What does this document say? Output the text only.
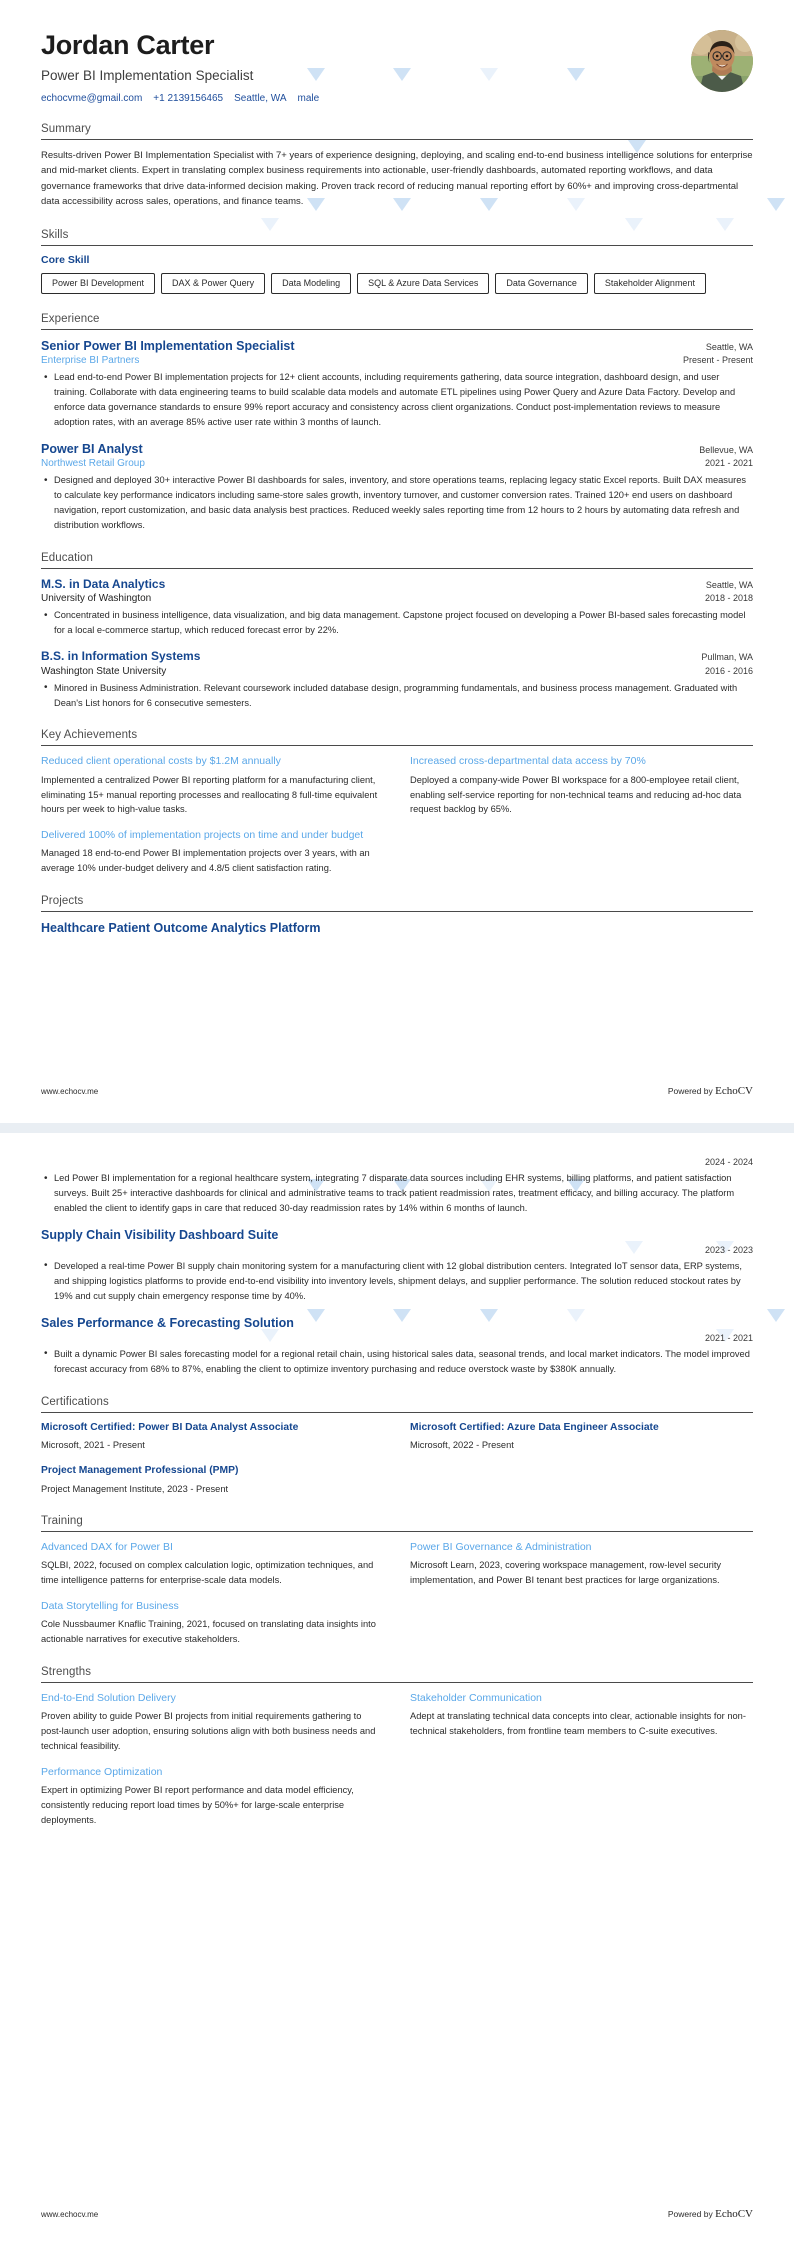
Jordan Carter
Power BI Implementation Specialist
echocvme@gmail.com +1 2139156465 Seattle, WA male
Summary
Results-driven Power BI Implementation Specialist with 7+ years of experience designing, deploying, and scaling end-to-end business intelligence solutions for enterprise and mid-market clients. Expert in translating complex business requirements into actionable, user-friendly dashboards, automated reporting workflows, and data governance frameworks that drive data-informed decision making. Proven track record of reducing manual reporting effort by 60%+ and improving cross-departmental data accessibility across sales, operations, and finance teams.
Skills
Core Skill
Power BI Development	DAX & Power Query	Data Modeling	SQL & Azure Data Services	Data Governance	Stakeholder Alignment
Experience
Senior Power BI Implementation Specialist	Seattle, WA
Enterprise BI Partners	Present - Present
• Lead end-to-end Power BI implementation projects for 12+ client accounts, including requirements gathering, data source integration, dashboard design, and user training. Collaborate with data engineering teams to build scalable data models and automate ETL pipelines using Power Query and Azure Data Factory. Develop and enforce data governance standards to ensure 99% report accuracy and consistency across client organizations. Conduct post-implementation reviews to measure adoption rates, with an average 85% active user rate within 3 months of launch.
Power BI Analyst	Bellevue, WA
Northwest Retail Group	2021 - 2021
• Designed and deployed 30+ interactive Power BI dashboards for sales, inventory, and store operations teams, replacing legacy static Excel reports. Built DAX measures to calculate key performance indicators including same-store sales growth, inventory turnover, and customer conversion rates. Trained 120+ end users on dashboard navigation, report customization, and basic data analysis best practices. Reduced weekly sales reporting time from 12 hours to 2 hours by automating data refresh and distribution workflows.
Education
M.S. in Data Analytics	Seattle, WA
University of Washington	2018 - 2018
• Concentrated in business intelligence, data visualization, and big data management. Capstone project focused on developing a Power BI-based sales forecasting model for a local e-commerce startup, which reduced forecast error by 22%.
B.S. in Information Systems	Pullman, WA
Washington State University	2016 - 2016
• Minored in Business Administration. Relevant coursework included database design, programming fundamentals, and business process management. Graduated with Dean's List honors for 6 consecutive semesters.
Key Achievements
Reduced client operational costs by $1.2M annually
Implemented a centralized Power BI reporting platform for a manufacturing client, eliminating 15+ manual reporting processes and reallocating 8 full-time equivalent hours per week to high-value tasks.
Delivered 100% of implementation projects on time and under budget
Managed 18 end-to-end Power BI implementation projects over 3 years, with an average 10% under-budget delivery and 4.8/5 client satisfaction rating.
Increased cross-departmental data access by 70%
Deployed a company-wide Power BI workspace for a 800-employee retail client, enabling self-service reporting for non-technical teams and reducing ad-hoc data request backlog by 65%.
Projects
Healthcare Patient Outcome Analytics Platform
www.echocv.me	Powered by EchoCV
2024 - 2024
• Led Power BI implementation for a regional healthcare system, integrating 7 disparate data sources including EHR systems, billing platforms, and patient satisfaction surveys. Built 25+ interactive dashboards for clinical and administrative teams to track patient readmission rates, treatment efficacy, and billing accuracy. The platform enabled the client to identify gaps in care that reduced 30-day readmission rates by 14% within 6 months of launch.
Supply Chain Visibility Dashboard Suite
2023 - 2023
• Developed a real-time Power BI supply chain monitoring system for a manufacturing client with 12 global distribution centers. Integrated IoT sensor data, ERP systems, and shipping logistics platforms to provide end-to-end visibility into inventory levels, shipment delays, and supplier performance. The solution reduced stockout rates by 19% and cut supply chain emergency response time by 40%.
Sales Performance & Forecasting Solution
2021 - 2021
• Built a dynamic Power BI sales forecasting model for a regional retail chain, using historical sales data, seasonal trends, and local market indicators. The model improved forecast accuracy from 68% to 87%, enabling the client to optimize inventory purchasing and reduce overstock waste by $380K annually.
Certifications
Microsoft Certified: Power BI Data Analyst Associate
Microsoft, 2021 - Present
Project Management Professional (PMP)
Project Management Institute, 2023 - Present
Microsoft Certified: Azure Data Engineer Associate
Microsoft, 2022 - Present
Training
Advanced DAX for Power BI
SQLBI, 2022, focused on complex calculation logic, optimization techniques, and time intelligence patterns for enterprise-scale data models.
Data Storytelling for Business
Cole Nussbaumer Knaflic Training, 2021, focused on translating data insights into actionable narratives for executive stakeholders.
Power BI Governance & Administration
Microsoft Learn, 2023, covering workspace management, row-level security implementation, and Power BI tenant best practices for large organizations.
Strengths
End-to-End Solution Delivery
Proven ability to guide Power BI projects from initial requirements gathering to post-launch user adoption, ensuring solutions align with both business needs and technical feasibility.
Performance Optimization
Expert in optimizing Power BI report performance and data model efficiency, consistently reducing report load times by 50%+ for large-scale enterprise deployments.
Stakeholder Communication
Adept at translating technical data concepts into clear, actionable insights for non-technical stakeholders, from frontline team members to C-suite executives.
www.echocv.me	Powered by EchoCV
